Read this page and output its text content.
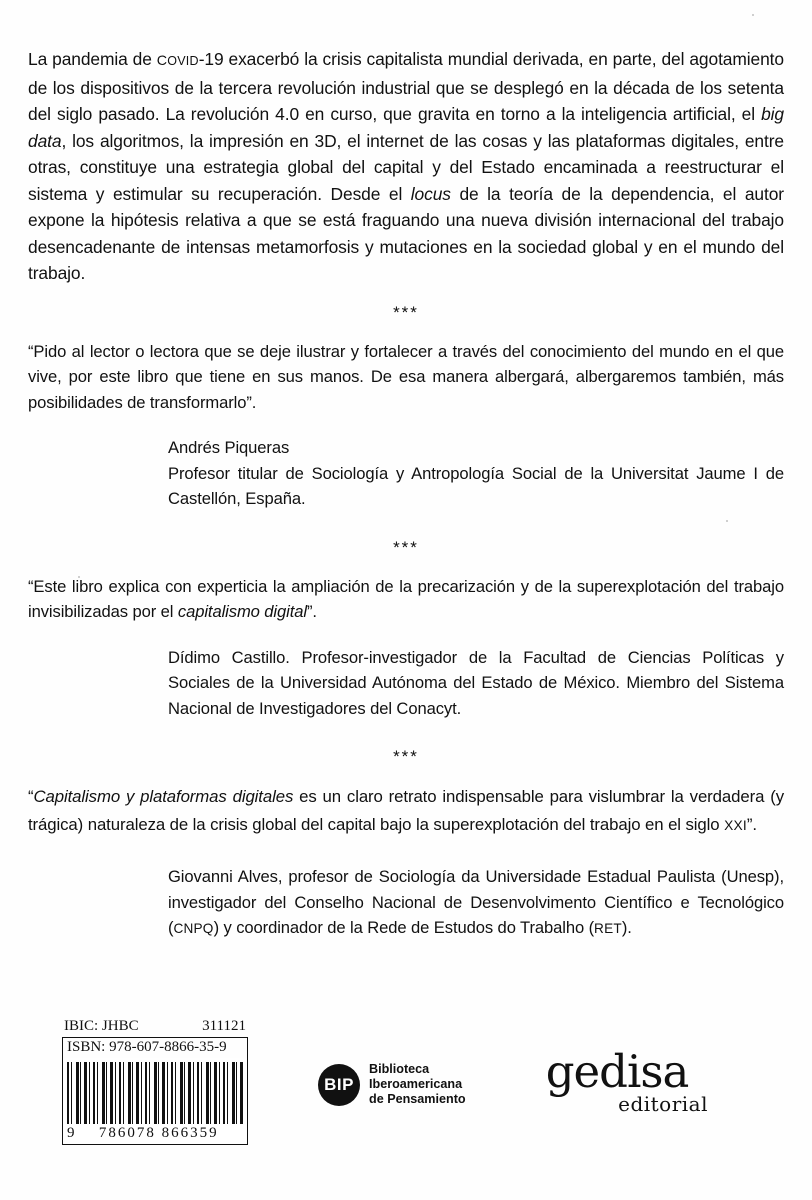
La pandemia de COVID-19 exacerbó la crisis capitalista mundial derivada, en parte, del agotamiento de los dispositivos de la tercera revolución industrial que se desplegó en la década de los setenta del siglo pasado. La revolución 4.0 en curso, que gravita en torno a la inteligencia artificial, el big data, los algoritmos, la impresión en 3D, el internet de las cosas y las plataformas digitales, entre otras, constituye una estrategia global del capital y del Estado encaminada a reestructurar el sistema y estimular su recuperación. Desde el locus de la teoría de la dependencia, el autor expone la hipótesis relativa a que se está fraguando una nueva división internacional del trabajo desencadenante de intensas metamorfosis y mutaciones en la sociedad global y en el mundo del trabajo.

***

“Pido al lector o lectora que se deje ilustrar y fortalecer a través del conocimiento del mundo en el que vive, por este libro que tiene en sus manos. De esa manera albergará, albergaremos también, más posibilidades de transformarlo”.

Andrés Piqueras
Profesor titular de Sociología y Antropología Social de la Universitat Jaume I de Castellón, España.

***

“Este libro explica con experticia la ampliación de la precarización y de la superexplotación del trabajo invisibilizadas por el capitalismo digital”.

Dídimo Castillo. Profesor-investigador de la Facultad de Ciencias Políticas y Sociales de la Universidad Autónoma del Estado de México. Miembro del Sistema Nacional de Investigadores del Conacyt.

***

“Capitalismo y plataformas digitales es un claro retrato indispensable para vislumbrar la verdadera (y trágica) naturaleza de la crisis global del capital bajo la superexplotación del trabajo en el siglo XXI”.

Giovanni Alves, profesor de Sociología da Universidade Estadual Paulista (Unesp), investigador del Conselho Nacional de Desenvolvimento Científico e Tecnológico (CNPQ) y coordinador de la Rede de Estudos do Trabalho (RET).

IBIC: JHBC	311121
ISBN: 978-607-8866-35-9
9 786078 866359
BIP
Biblioteca
Iberoamericana
de Pensamiento
gedisa
editorial
